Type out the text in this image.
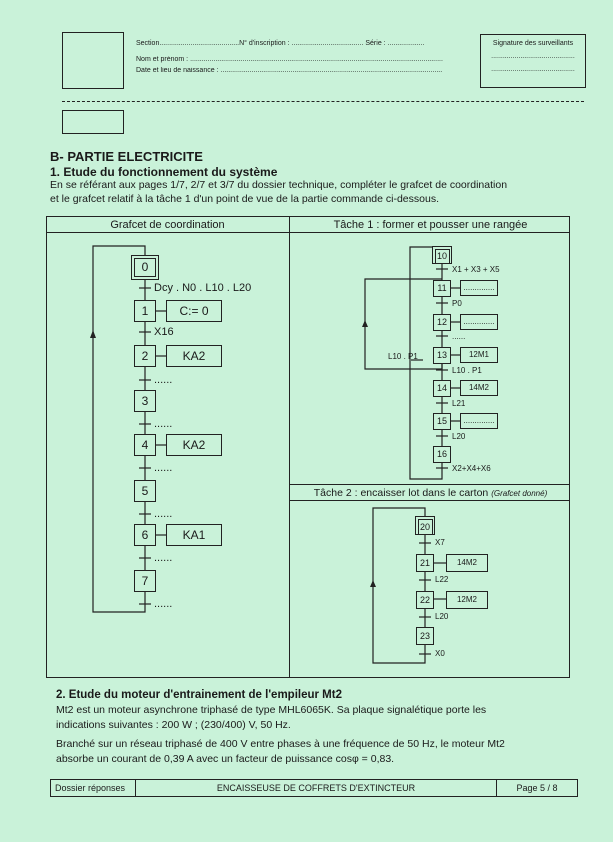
Section.........................................N° d'inscription : ..................................... Série : ...................
Nom et prénom : ..................................................................................................................................
Date et lieu de naissance : ..................................................................................................................
Signature des surveillants
...........................................
...........................................
B- PARTIE ELECTRICITE
1. Etude du fonctionnement du système
En se référant aux pages 1/7, 2/7 et 3/7 du dossier technique, compléter le grafcet de coordination
et le grafcet relatif à la tâche 1 d'un point de vue de la partie commande ci-dessous.
Grafcet de coordination	Tâche 1 : former et pousser une rangée
Tâche 2 : encaisser lot dans le carton (Grafcet donné)
0
Dcy . N0 . L10 . L20
1	C:= 0
X16
2	KA2
......
3
......
4	KA2
......
5
......
6	KA1
......
7
......
10
X1 + X3 + X5
11	..............
P0
12	..............
......
L10 . P1	13	12M1
L10 . P1
14	14M2
L21
15	..............
L20
16
X2+X4+X6
20
X7
21	14M2
L22
22	12M2
L20
23
X0
2. Etude du moteur d'entrainement de l'empileur Mt2
Mt2 est un moteur asynchrone triphasé de type MHL6065K. Sa plaque signalétique porte les
indications suivantes : 200 W ; (230/400) V, 50 Hz.
Branché sur un réseau triphasé de 400 V entre phases à une fréquence de 50 Hz, le moteur Mt2
absorbe un courant de 0,39 A avec un facteur de puissance cosφ = 0,83.
Dossier réponses	ENCAISSEUSE DE COFFRETS D'EXTINCTEUR	Page 5 / 8
